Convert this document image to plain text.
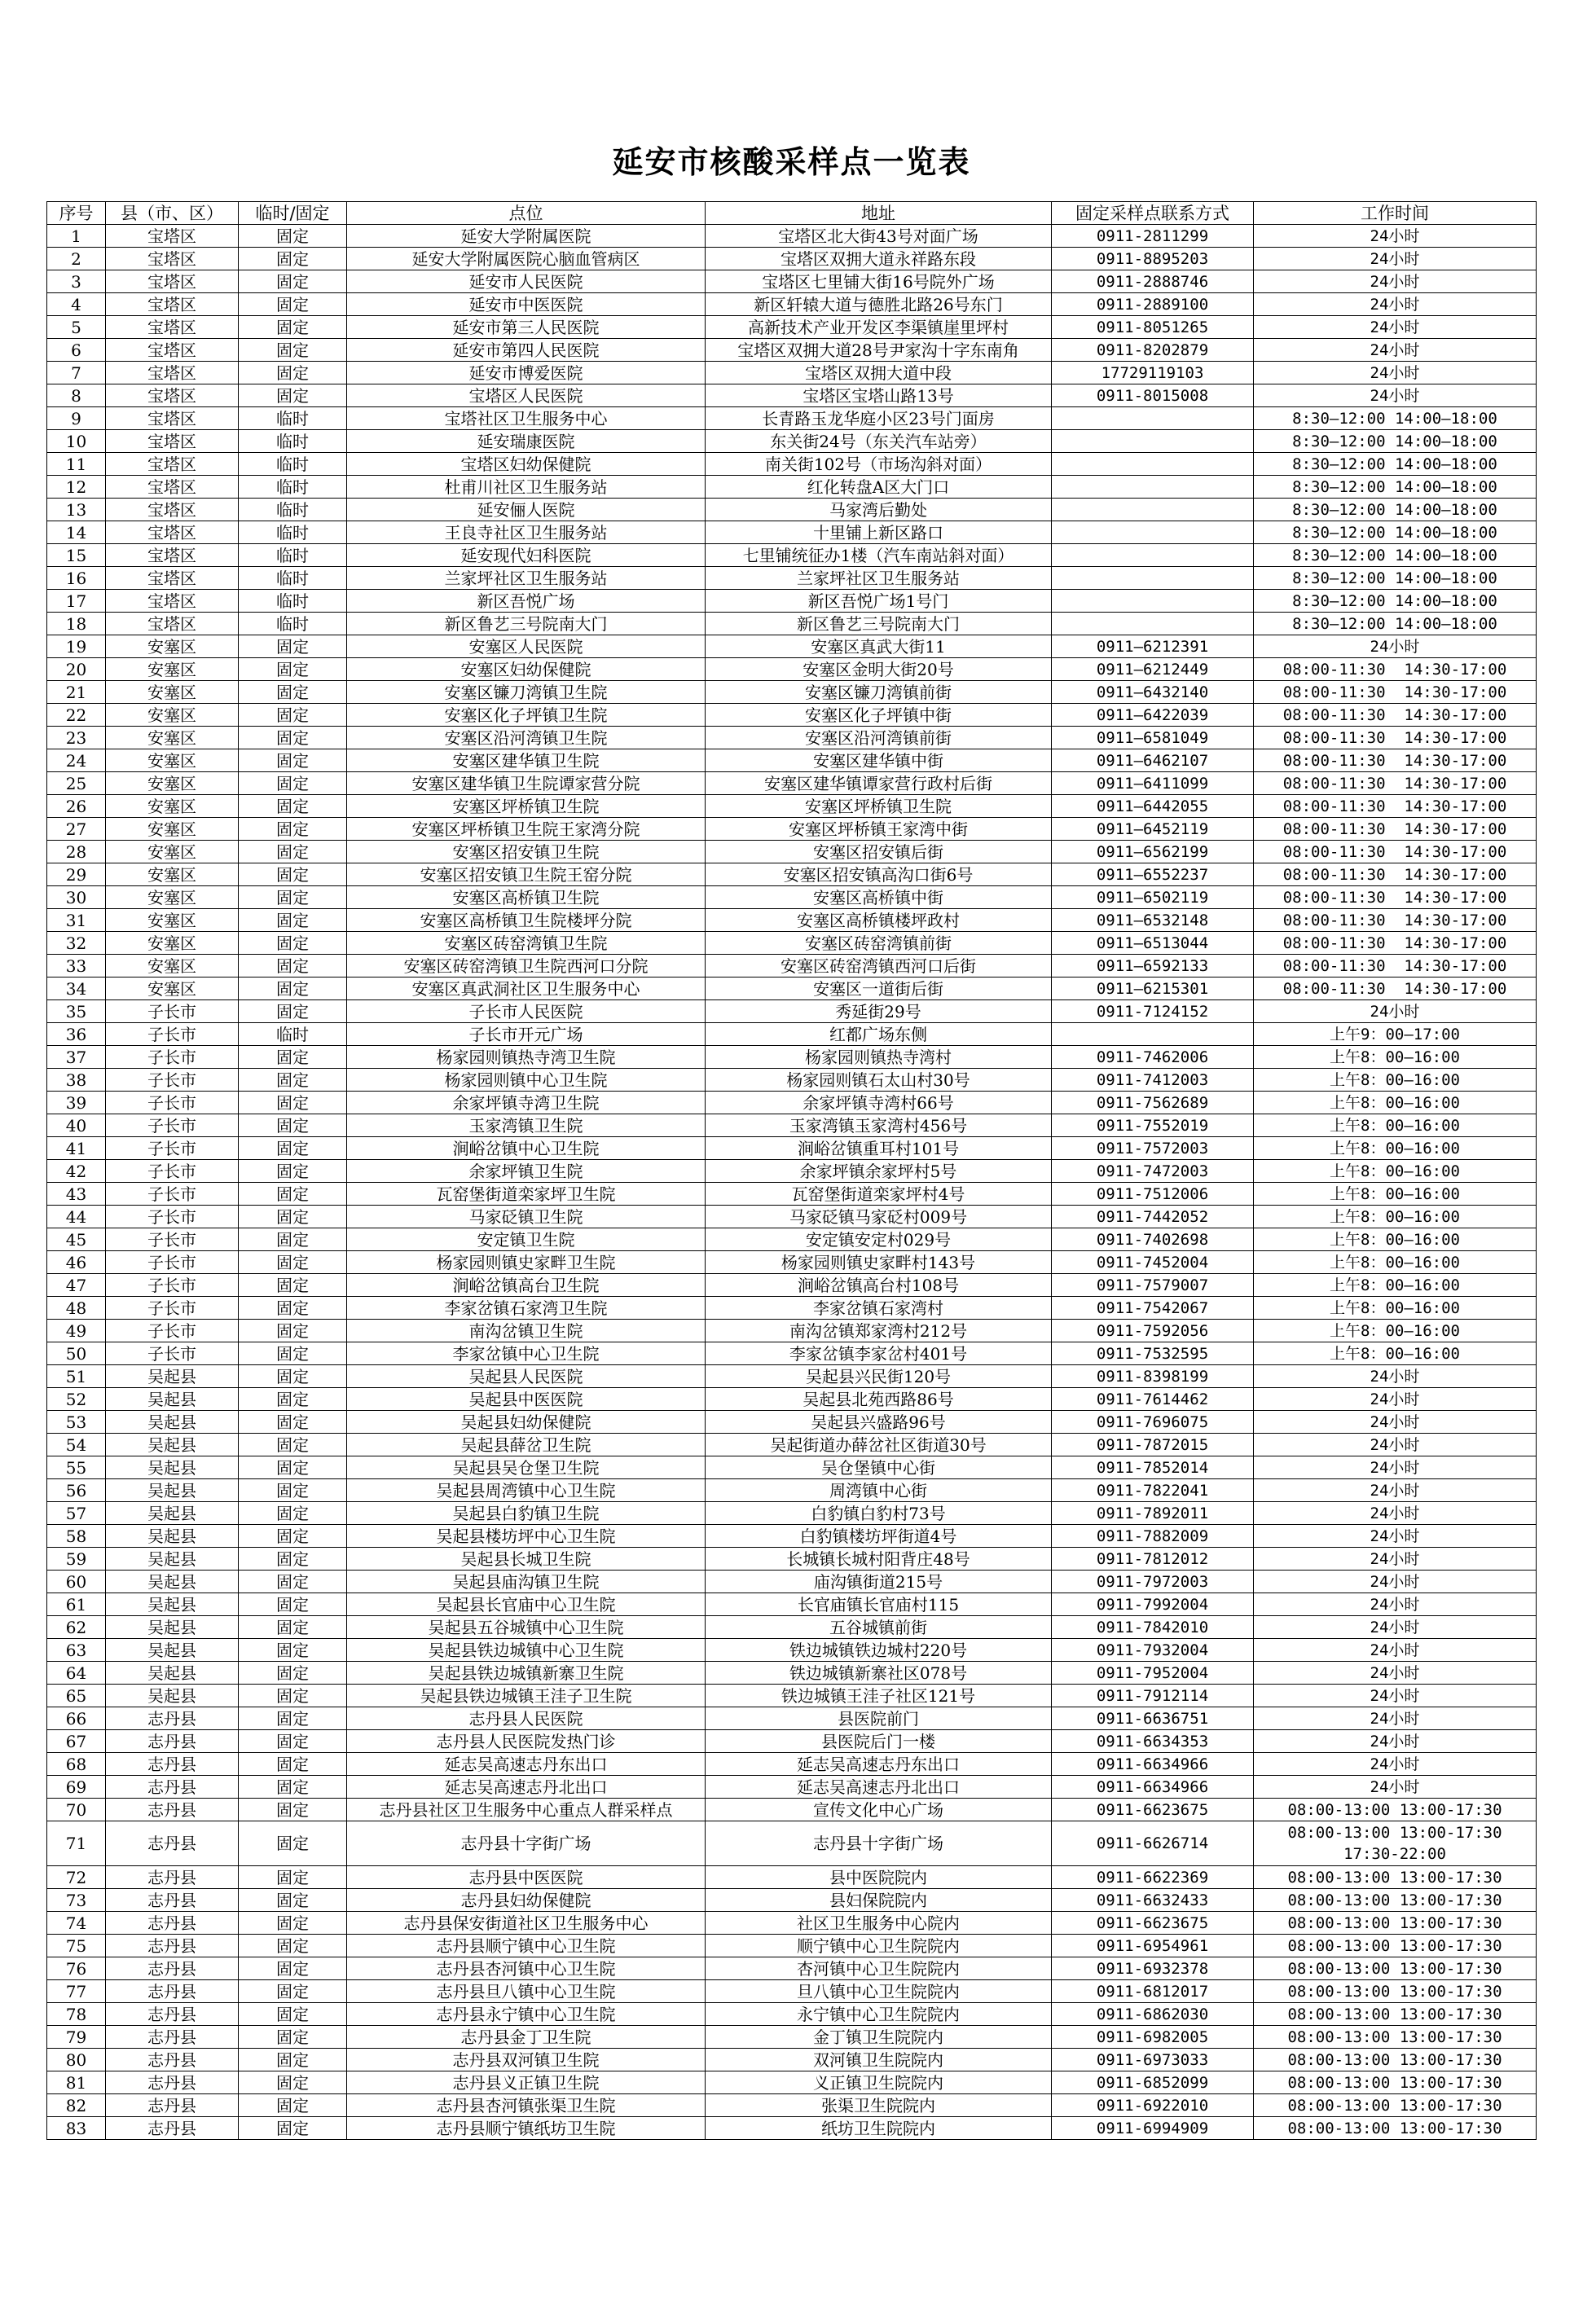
延安市核酸采样点一览表
序号	县（市、区）	临时/固定	点位	地址	固定采样点联系方式	工作时间
1	宝塔区	固定	延安大学附属医院	宝塔区北大街43号对面广场	0911-2811299	24小时
2	宝塔区	固定	延安大学附属医院心脑血管病区	宝塔区双拥大道永祥路东段	0911-8895203	24小时
3	宝塔区	固定	延安市人民医院	宝塔区七里铺大街16号院外广场	0911-2888746	24小时
4	宝塔区	固定	延安市中医医院	新区轩辕大道与德胜北路26号东门	0911-2889100	24小时
5	宝塔区	固定	延安市第三人民医院	高新技术产业开发区李渠镇崖里坪村	0911-8051265	24小时
6	宝塔区	固定	延安市第四人民医院	宝塔区双拥大道28号尹家沟十字东南角	0911-8202879	24小时
7	宝塔区	固定	延安市博爱医院	宝塔区双拥大道中段	17729119103	24小时
8	宝塔区	固定	宝塔区人民医院	宝塔区宝塔山路13号	0911-8015008	24小时
9	宝塔区	临时	宝塔社区卫生服务中心	长青路玉龙华庭小区23号门面房		8:30—12:00 14:00—18:00
10	宝塔区	临时	延安瑞康医院	东关街24号（东关汽车站旁）		8:30—12:00 14:00—18:00
11	宝塔区	临时	宝塔区妇幼保健院	南关街102号（市场沟斜对面）		8:30—12:00 14:00—18:00
12	宝塔区	临时	杜甫川社区卫生服务站	红化转盘A区大门口		8:30—12:00 14:00—18:00
13	宝塔区	临时	延安俪人医院	马家湾后勤处		8:30—12:00 14:00—18:00
14	宝塔区	临时	王良寺社区卫生服务站	十里铺上新区路口		8:30—12:00 14:00—18:00
15	宝塔区	临时	延安现代妇科医院	七里铺统征办1楼（汽车南站斜对面）		8:30—12:00 14:00—18:00
16	宝塔区	临时	兰家坪社区卫生服务站	兰家坪社区卫生服务站		8:30—12:00 14:00—18:00
17	宝塔区	临时	新区吾悦广场	新区吾悦广场1号门		8:30—12:00 14:00—18:00
18	宝塔区	临时	新区鲁艺三号院南大门	新区鲁艺三号院南大门		8:30—12:00 14:00—18:00
19	安塞区	固定	安塞区人民医院	安塞区真武大街11	0911—6212391	24小时
20	安塞区	固定	安塞区妇幼保健院	安塞区金明大街20号	0911—6212449	08:00-11:30  14:30-17:00
21	安塞区	固定	安塞区镰刀湾镇卫生院	安塞区镰刀湾镇前街	0911—6432140	08:00-11:30  14:30-17:00
22	安塞区	固定	安塞区化子坪镇卫生院	安塞区化子坪镇中街	0911—6422039	08:00-11:30  14:30-17:00
23	安塞区	固定	安塞区沿河湾镇卫生院	安塞区沿河湾镇前街	0911—6581049	08:00-11:30  14:30-17:00
24	安塞区	固定	安塞区建华镇卫生院	安塞区建华镇中街	0911—6462107	08:00-11:30  14:30-17:00
25	安塞区	固定	安塞区建华镇卫生院谭家营分院	安塞区建华镇谭家营行政村后街	0911—6411099	08:00-11:30  14:30-17:00
26	安塞区	固定	安塞区坪桥镇卫生院	安塞区坪桥镇卫生院	0911—6442055	08:00-11:30  14:30-17:00
27	安塞区	固定	安塞区坪桥镇卫生院王家湾分院	安塞区坪桥镇王家湾中街	0911—6452119	08:00-11:30  14:30-17:00
28	安塞区	固定	安塞区招安镇卫生院	安塞区招安镇后街	0911—6562199	08:00-11:30  14:30-17:00
29	安塞区	固定	安塞区招安镇卫生院王窑分院	安塞区招安镇高沟口街6号	0911—6552237	08:00-11:30  14:30-17:00
30	安塞区	固定	安塞区高桥镇卫生院	安塞区高桥镇中街	0911—6502119	08:00-11:30  14:30-17:00
31	安塞区	固定	安塞区高桥镇卫生院楼坪分院	安塞区高桥镇楼坪政村	0911—6532148	08:00-11:30  14:30-17:00
32	安塞区	固定	安塞区砖窑湾镇卫生院	安塞区砖窑湾镇前街	0911—6513044	08:00-11:30  14:30-17:00
33	安塞区	固定	安塞区砖窑湾镇卫生院西河口分院	安塞区砖窑湾镇西河口后街	0911—6592133	08:00-11:30  14:30-17:00
34	安塞区	固定	安塞区真武洞社区卫生服务中心	安塞区一道街后街	0911—6215301	08:00-11:30  14:30-17:00
35	子长市	固定	子长市人民医院	秀延街29号	0911-7124152	24小时
36	子长市	临时	子长市开元广场	红都广场东侧		上午9：00—17:00
37	子长市	固定	杨家园则镇热寺湾卫生院	杨家园则镇热寺湾村	0911-7462006	上午8：00—16:00
38	子长市	固定	杨家园则镇中心卫生院	杨家园则镇石太山村30号	0911-7412003	上午8：00—16:00
39	子长市	固定	余家坪镇寺湾卫生院	余家坪镇寺湾村66号	0911-7562689	上午8：00—16:00
40	子长市	固定	玉家湾镇卫生院	玉家湾镇玉家湾村456号	0911-7552019	上午8：00—16:00
41	子长市	固定	涧峪岔镇中心卫生院	涧峪岔镇重耳村101号	0911-7572003	上午8：00—16:00
42	子长市	固定	余家坪镇卫生院	余家坪镇余家坪村5号	0911-7472003	上午8：00—16:00
43	子长市	固定	瓦窑堡街道栾家坪卫生院	瓦窑堡街道栾家坪村4号	0911-7512006	上午8：00—16:00
44	子长市	固定	马家砭镇卫生院	马家砭镇马家砭村009号	0911-7442052	上午8：00—16:00
45	子长市	固定	安定镇卫生院	安定镇安定村029号	0911-7402698	上午8：00—16:00
46	子长市	固定	杨家园则镇史家畔卫生院	杨家园则镇史家畔村143号	0911-7452004	上午8：00—16:00
47	子长市	固定	涧峪岔镇高台卫生院	涧峪岔镇高台村108号	0911-7579007	上午8：00—16:00
48	子长市	固定	李家岔镇石家湾卫生院	李家岔镇石家湾村	0911-7542067	上午8：00—16:00
49	子长市	固定	南沟岔镇卫生院	南沟岔镇郑家湾村212号	0911-7592056	上午8：00—16:00
50	子长市	固定	李家岔镇中心卫生院	李家岔镇李家岔村401号	0911-7532595	上午8：00—16:00
51	吴起县	固定	吴起县人民医院	吴起县兴民街120号	0911-8398199	24小时
52	吴起县	固定	吴起县中医医院	吴起县北苑西路86号	0911-7614462	24小时
53	吴起县	固定	吴起县妇幼保健院	吴起县兴盛路96号	0911-7696075	24小时
54	吴起县	固定	吴起县薛岔卫生院	吴起街道办薛岔社区街道30号	0911-7872015	24小时
55	吴起县	固定	吴起县吴仓堡卫生院	吴仓堡镇中心街	0911-7852014	24小时
56	吴起县	固定	吴起县周湾镇中心卫生院	周湾镇中心街	0911-7822041	24小时
57	吴起县	固定	吴起县白豹镇卫生院	白豹镇白豹村73号	0911-7892011	24小时
58	吴起县	固定	吴起县楼坊坪中心卫生院	白豹镇楼坊坪街道4号	0911-7882009	24小时
59	吴起县	固定	吴起县长城卫生院	长城镇长城村阳背庄48号	0911-7812012	24小时
60	吴起县	固定	吴起县庙沟镇卫生院	庙沟镇街道215号	0911-7972003	24小时
61	吴起县	固定	吴起县长官庙中心卫生院	长官庙镇长官庙村115	0911-7992004	24小时
62	吴起县	固定	吴起县五谷城镇中心卫生院	五谷城镇前街	0911-7842010	24小时
63	吴起县	固定	吴起县铁边城镇中心卫生院	铁边城镇铁边城村220号	0911-7932004	24小时
64	吴起县	固定	吴起县铁边城镇新寨卫生院	铁边城镇新寨社区078号	0911-7952004	24小时
65	吴起县	固定	吴起县铁边城镇王洼子卫生院	铁边城镇王洼子社区121号	0911-7912114	24小时
66	志丹县	固定	志丹县人民医院	县医院前门	0911-6636751	24小时
67	志丹县	固定	志丹县人民医院发热门诊	县医院后门一楼	0911-6634353	24小时
68	志丹县	固定	延志吴高速志丹东出口	延志吴高速志丹东出口	0911-6634966	24小时
69	志丹县	固定	延志吴高速志丹北出口	延志吴高速志丹北出口	0911-6634966	24小时
70	志丹县	固定	志丹县社区卫生服务中心重点人群采样点	宣传文化中心广场	0911-6623675	08:00-13:00 13:00-17:30
71	志丹县	固定	志丹县十字街广场	志丹县十字街广场	0911-6626714	08:00-13:00 13:00-17:30
17:30-22:00
72	志丹县	固定	志丹县中医医院	县中医院院内	0911-6622369	08:00-13:00 13:00-17:30
73	志丹县	固定	志丹县妇幼保健院	县妇保院院内	0911-6632433	08:00-13:00 13:00-17:30
74	志丹县	固定	志丹县保安街道社区卫生服务中心	社区卫生服务中心院内	0911-6623675	08:00-13:00 13:00-17:30
75	志丹县	固定	志丹县顺宁镇中心卫生院	顺宁镇中心卫生院院内	0911-6954961	08:00-13:00 13:00-17:30
76	志丹县	固定	志丹县杏河镇中心卫生院	杏河镇中心卫生院院内	0911-6932378	08:00-13:00 13:00-17:30
77	志丹县	固定	志丹县旦八镇中心卫生院	旦八镇中心卫生院院内	0911-6812017	08:00-13:00 13:00-17:30
78	志丹县	固定	志丹县永宁镇中心卫生院	永宁镇中心卫生院院内	0911-6862030	08:00-13:00 13:00-17:30
79	志丹县	固定	志丹县金丁卫生院	金丁镇卫生院院内	0911-6982005	08:00-13:00 13:00-17:30
80	志丹县	固定	志丹县双河镇卫生院	双河镇卫生院院内	0911-6973033	08:00-13:00 13:00-17:30
81	志丹县	固定	志丹县义正镇卫生院	义正镇卫生院院内	0911-6852099	08:00-13:00 13:00-17:30
82	志丹县	固定	志丹县杏河镇张渠卫生院	张渠卫生院院内	0911-6922010	08:00-13:00 13:00-17:30
83	志丹县	固定	志丹县顺宁镇纸坊卫生院	纸坊卫生院院内	0911-6994909	08:00-13:00 13:00-17:30
